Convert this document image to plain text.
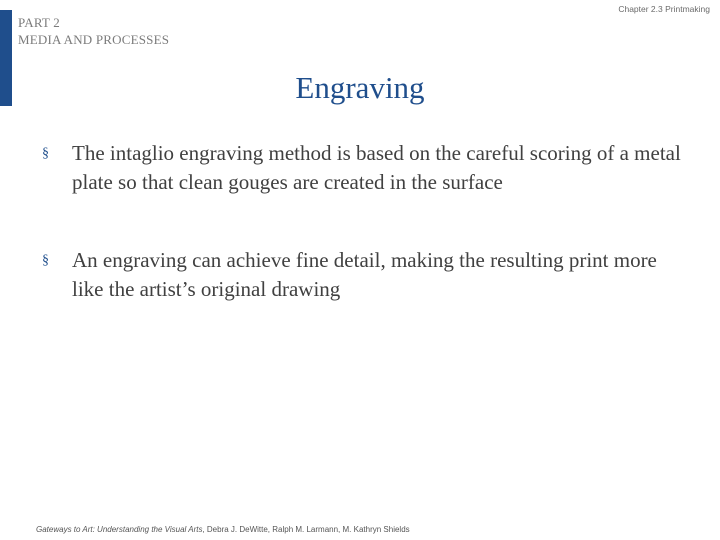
PART 2
MEDIA AND PROCESSES
Chapter 2.3 Printmaking
Engraving
§ The intaglio engraving method is based on the careful scoring of a metal plate so that clean gouges are created in the surface
§ An engraving can achieve fine detail, making the resulting print more like the artist’s original drawing
Gateways to Art: Understanding the Visual Arts, Debra J. DeWitte, Ralph M. Larmann, M. Kathryn Shields
